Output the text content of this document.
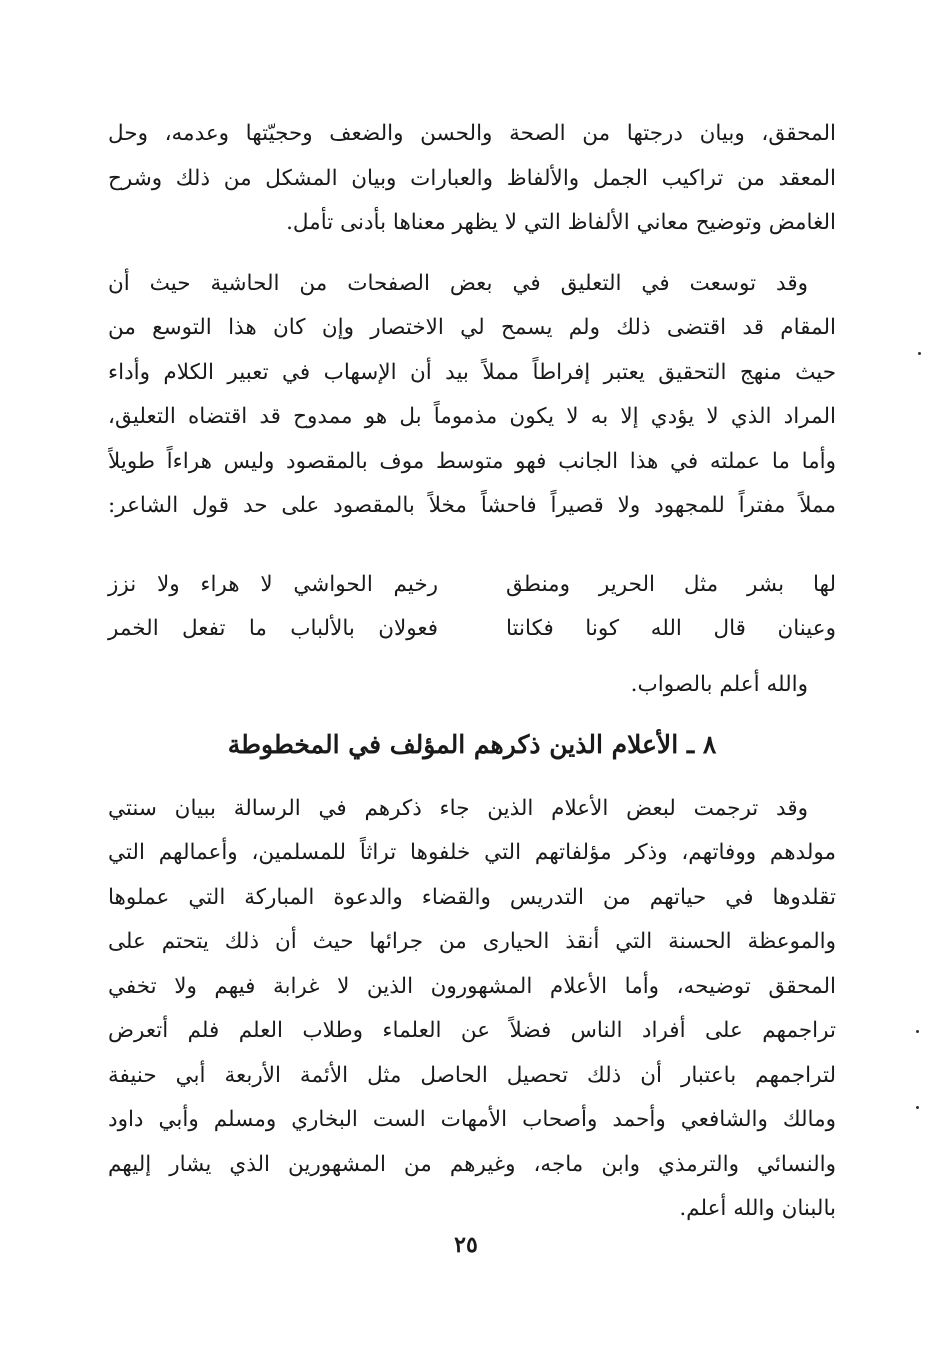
المحقق، وبيان درجتها من الصحة والحسن والضعف وحجيّتها وعدمه، وحل
المعقد من تراكيب الجمل والألفاظ والعبارات وبيان المشكل من ذلك وشرح
الغامض وتوضيح معاني الألفاظ التي لا يظهر معناها بأدنى تأمل.

وقد توسعت في التعليق في بعض الصفحات من الحاشية حيث أن
المقام قد اقتضى ذلك ولم يسمح لي الاختصار وإن كان هذا التوسع من
حيث منهج التحقيق يعتبر إفراطاً مملاً بيد أن الإسهاب في تعبير الكلام وأداء
المراد الذي لا يؤدي إلا به لا يكون مذموماً بل هو ممدوح قد اقتضاه التعليق،
وأما ما عملته في هذا الجانب فهو متوسط موف بالمقصود وليس هراءاً طويلاً
مملاً مفتراً للمجهود ولا قصيراً فاحشاً مخلاً بالمقصود على حد قول الشاعر:

لها بشر مثل الحرير ومنطق
رخيم الحواشي لا هراء ولا نزز
وعينان قال الله كونا فكانتا
فعولان بالألباب ما تفعل الخمر
والله أعلم بالصواب.
٨ ـ الأعلام الذين ذكرهم المؤلف في المخطوطة

وقد ترجمت لبعض الأعلام الذين جاء ذكرهم في الرسالة ببيان سنتي
مولدهم ووفاتهم، وذكر مؤلفاتهم التي خلفوها تراثاً للمسلمين، وأعمالهم التي
تقلدوها في حياتهم من التدريس والقضاء والدعوة المباركة التي عملوها
والموعظة الحسنة التي أنقذ الحيارى من جرائها حيث أن ذلك يتحتم على
المحقق توضيحه، وأما الأعلام المشهورون الذين لا غرابة فيهم ولا تخفي
تراجمهم على أفراد الناس فضلاً عن العلماء وطلاب العلم فلم أتعرض
لتراجمهم باعتبار أن ذلك تحصيل الحاصل مثل الأئمة الأربعة أبي حنيفة
ومالك والشافعي وأحمد وأصحاب الأمهات الست البخاري ومسلم وأبي داود
والنسائي والترمذي وابن ماجه، وغيرهم من المشهورين الذي يشار إليهم
بالبنان والله أعلم.

٢٥
